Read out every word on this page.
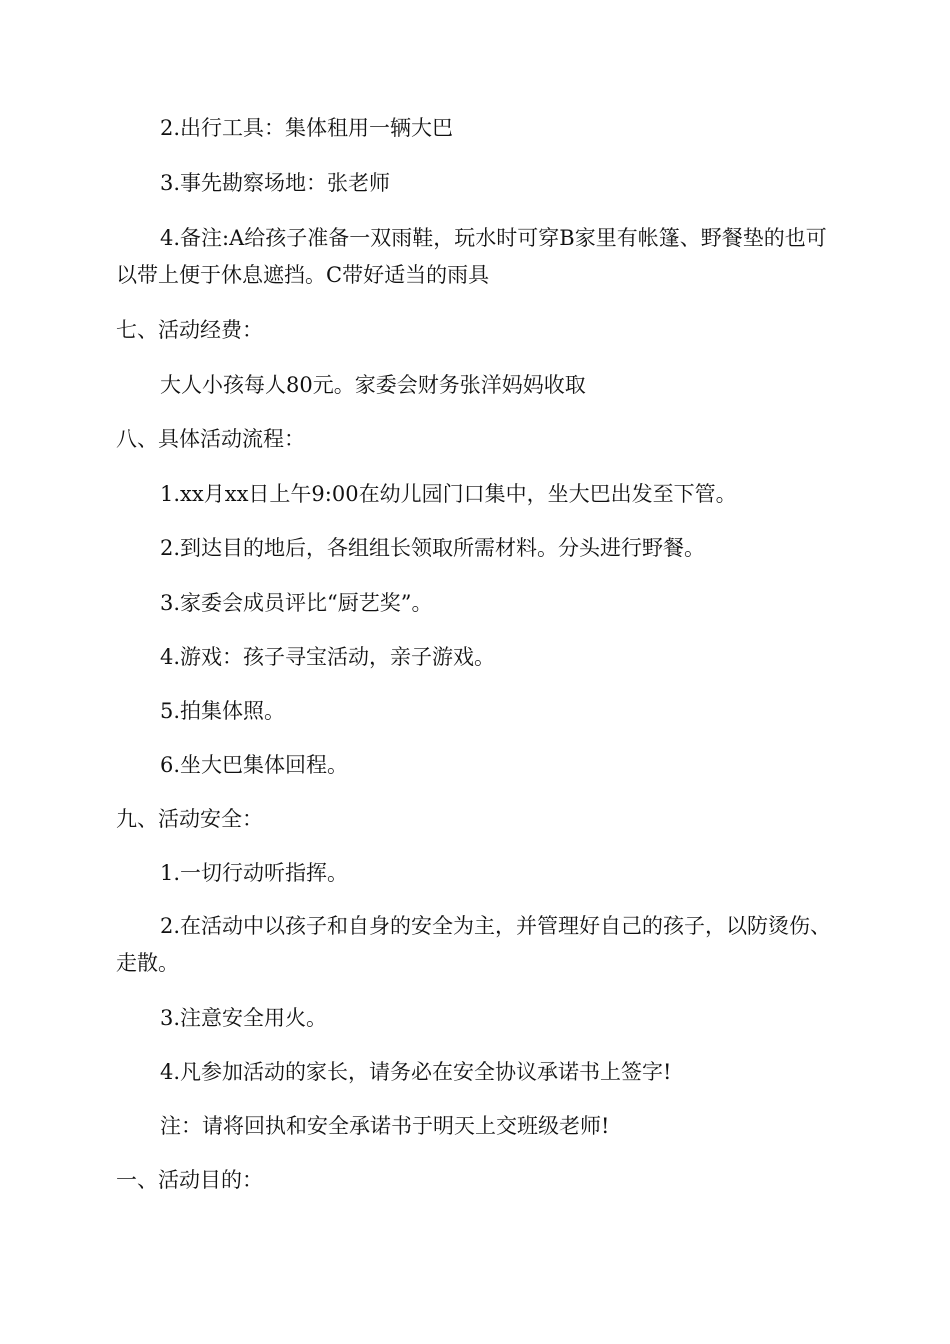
2.出行工具：集体租用一辆大巴

3.事先勘察场地：张老师

4.备注:A给孩子准备一双雨鞋，玩水时可穿B家里有帐篷、野餐垫的也可以带上便于休息遮挡。C带好适当的雨具

七、活动经费：

大人小孩每人80元。家委会财务张洋妈妈收取

八、具体活动流程：

1.xx月xx日上午9:00在幼儿园门口集中，坐大巴出发至下管。

2.到达目的地后，各组组长领取所需材料。分头进行野餐。

3.家委会成员评比“厨艺奖”。

4.游戏：孩子寻宝活动，亲子游戏。

5.拍集体照。

6.坐大巴集体回程。

九、活动安全：

1.一切行动听指挥。

2.在活动中以孩子和自身的安全为主，并管理好自己的孩子，以防烫伤、走散。

3.注意安全用火。

4.凡参加活动的家长，请务必在安全协议承诺书上签字!

注：请将回执和安全承诺书于明天上交班级老师!

一、活动目的：
